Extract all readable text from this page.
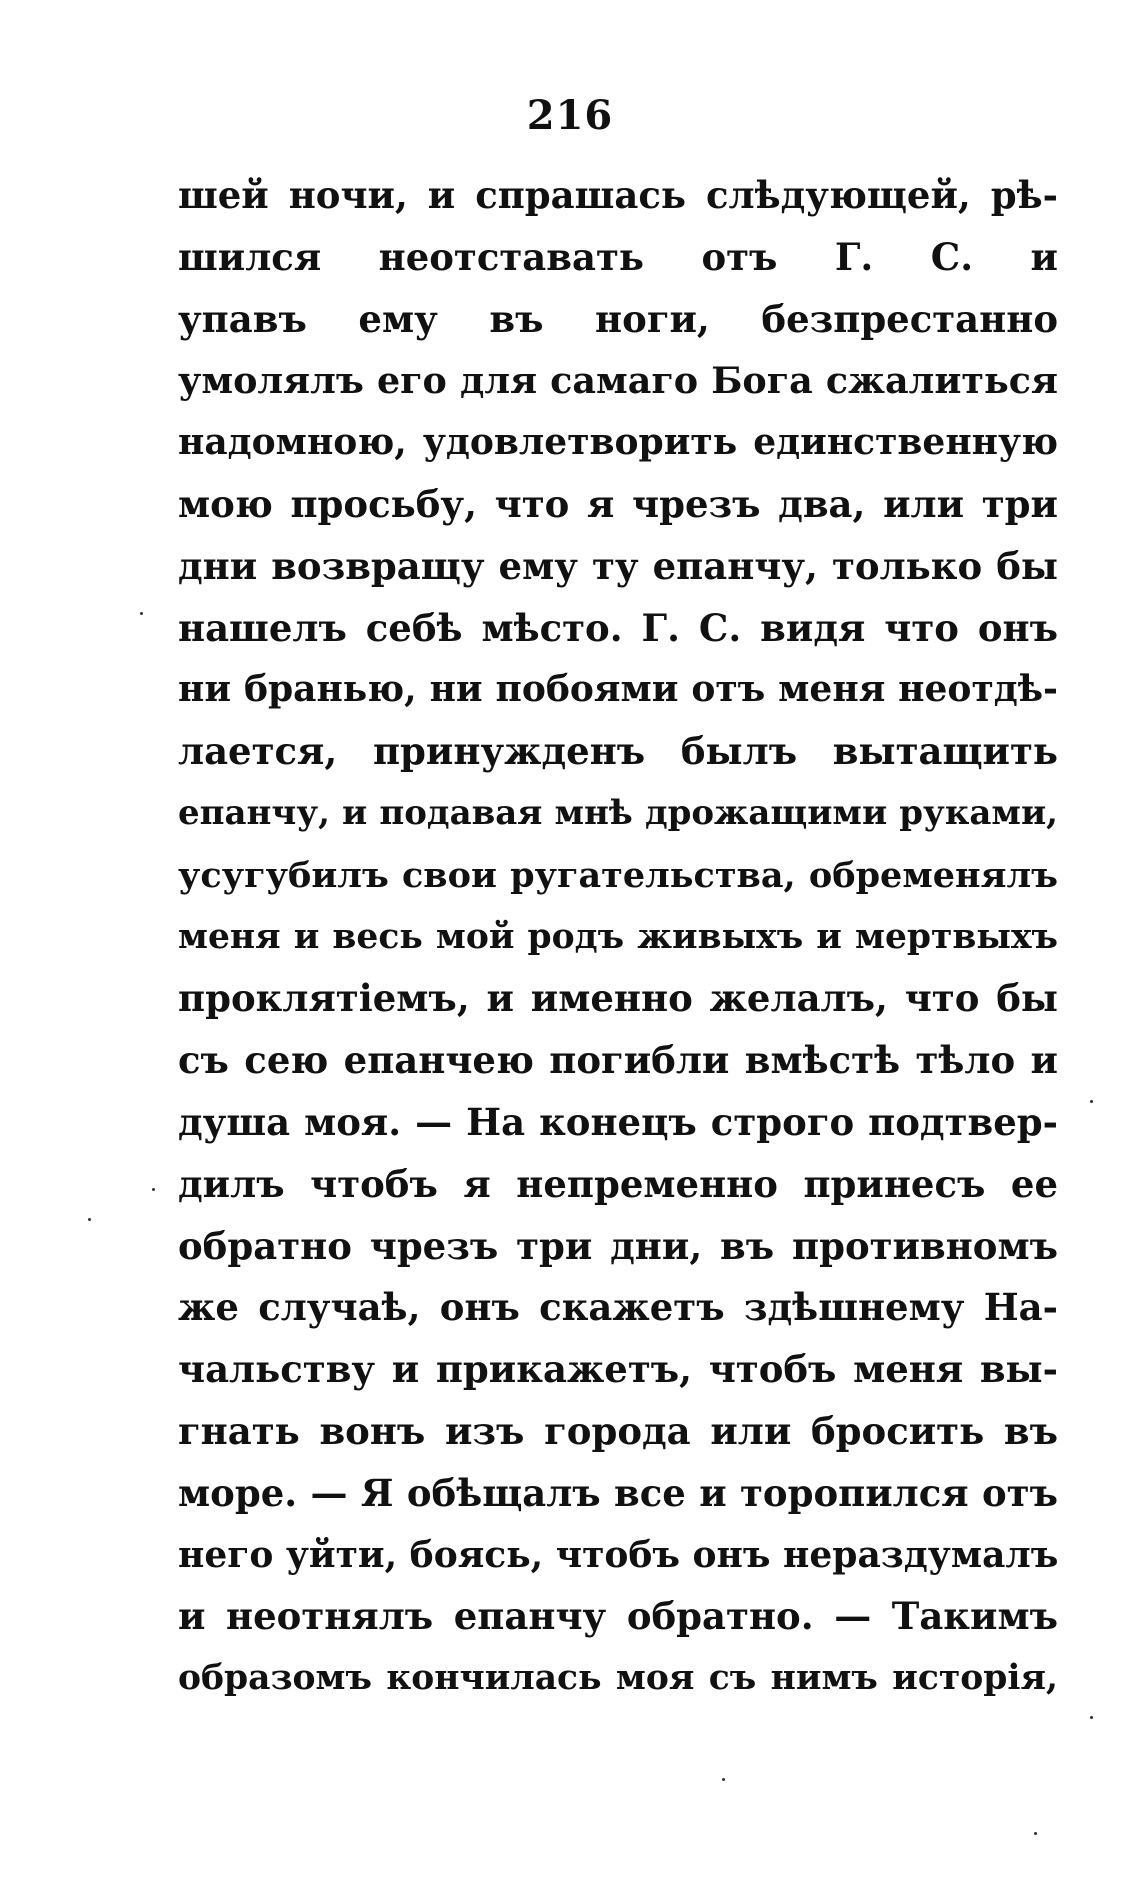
216
шей ночи, и спрашась слѣдующей, рѣ-
шился неотставать отъ Г. С. и
упавъ ему въ ноги, безпрестанно
умолялъ его для самаго Бога сжалиться
надомною, удовлетворить единственную
мою просьбу, что я чрезъ два, или три
дни возвращу ему ту епанчу, только бы
нашелъ себѣ мѣсто. Г. С. видя что онъ
ни бранью, ни побоями отъ меня неотдѣ-
лается, принужденъ былъ вытащить
епанчу, и подавая мнѣ дрожащими руками,
усугубилъ свои ругательства, обременялъ
меня и весь мой родъ живыхъ и мертвыхъ
проклятіемъ, и именно желалъ, что бы
съ сею епанчею погибли вмѣстѣ тѣло и
душа моя. — На конецъ строго подтвер-
дилъ чтобъ я непременно принесъ ее
обратно чрезъ три дни, въ противномъ
же случаѣ, онъ скажетъ здѣшнему На-
чальству и прикажетъ, чтобъ меня вы-
гнать вонъ изъ города или бросить въ
море. — Я обѣщалъ все и торопился отъ
него уйти, боясь, чтобъ онъ нераздумалъ
и неотнялъ епанчу обратно. — Такимъ
образомъ кончилась моя съ нимъ исторія,
